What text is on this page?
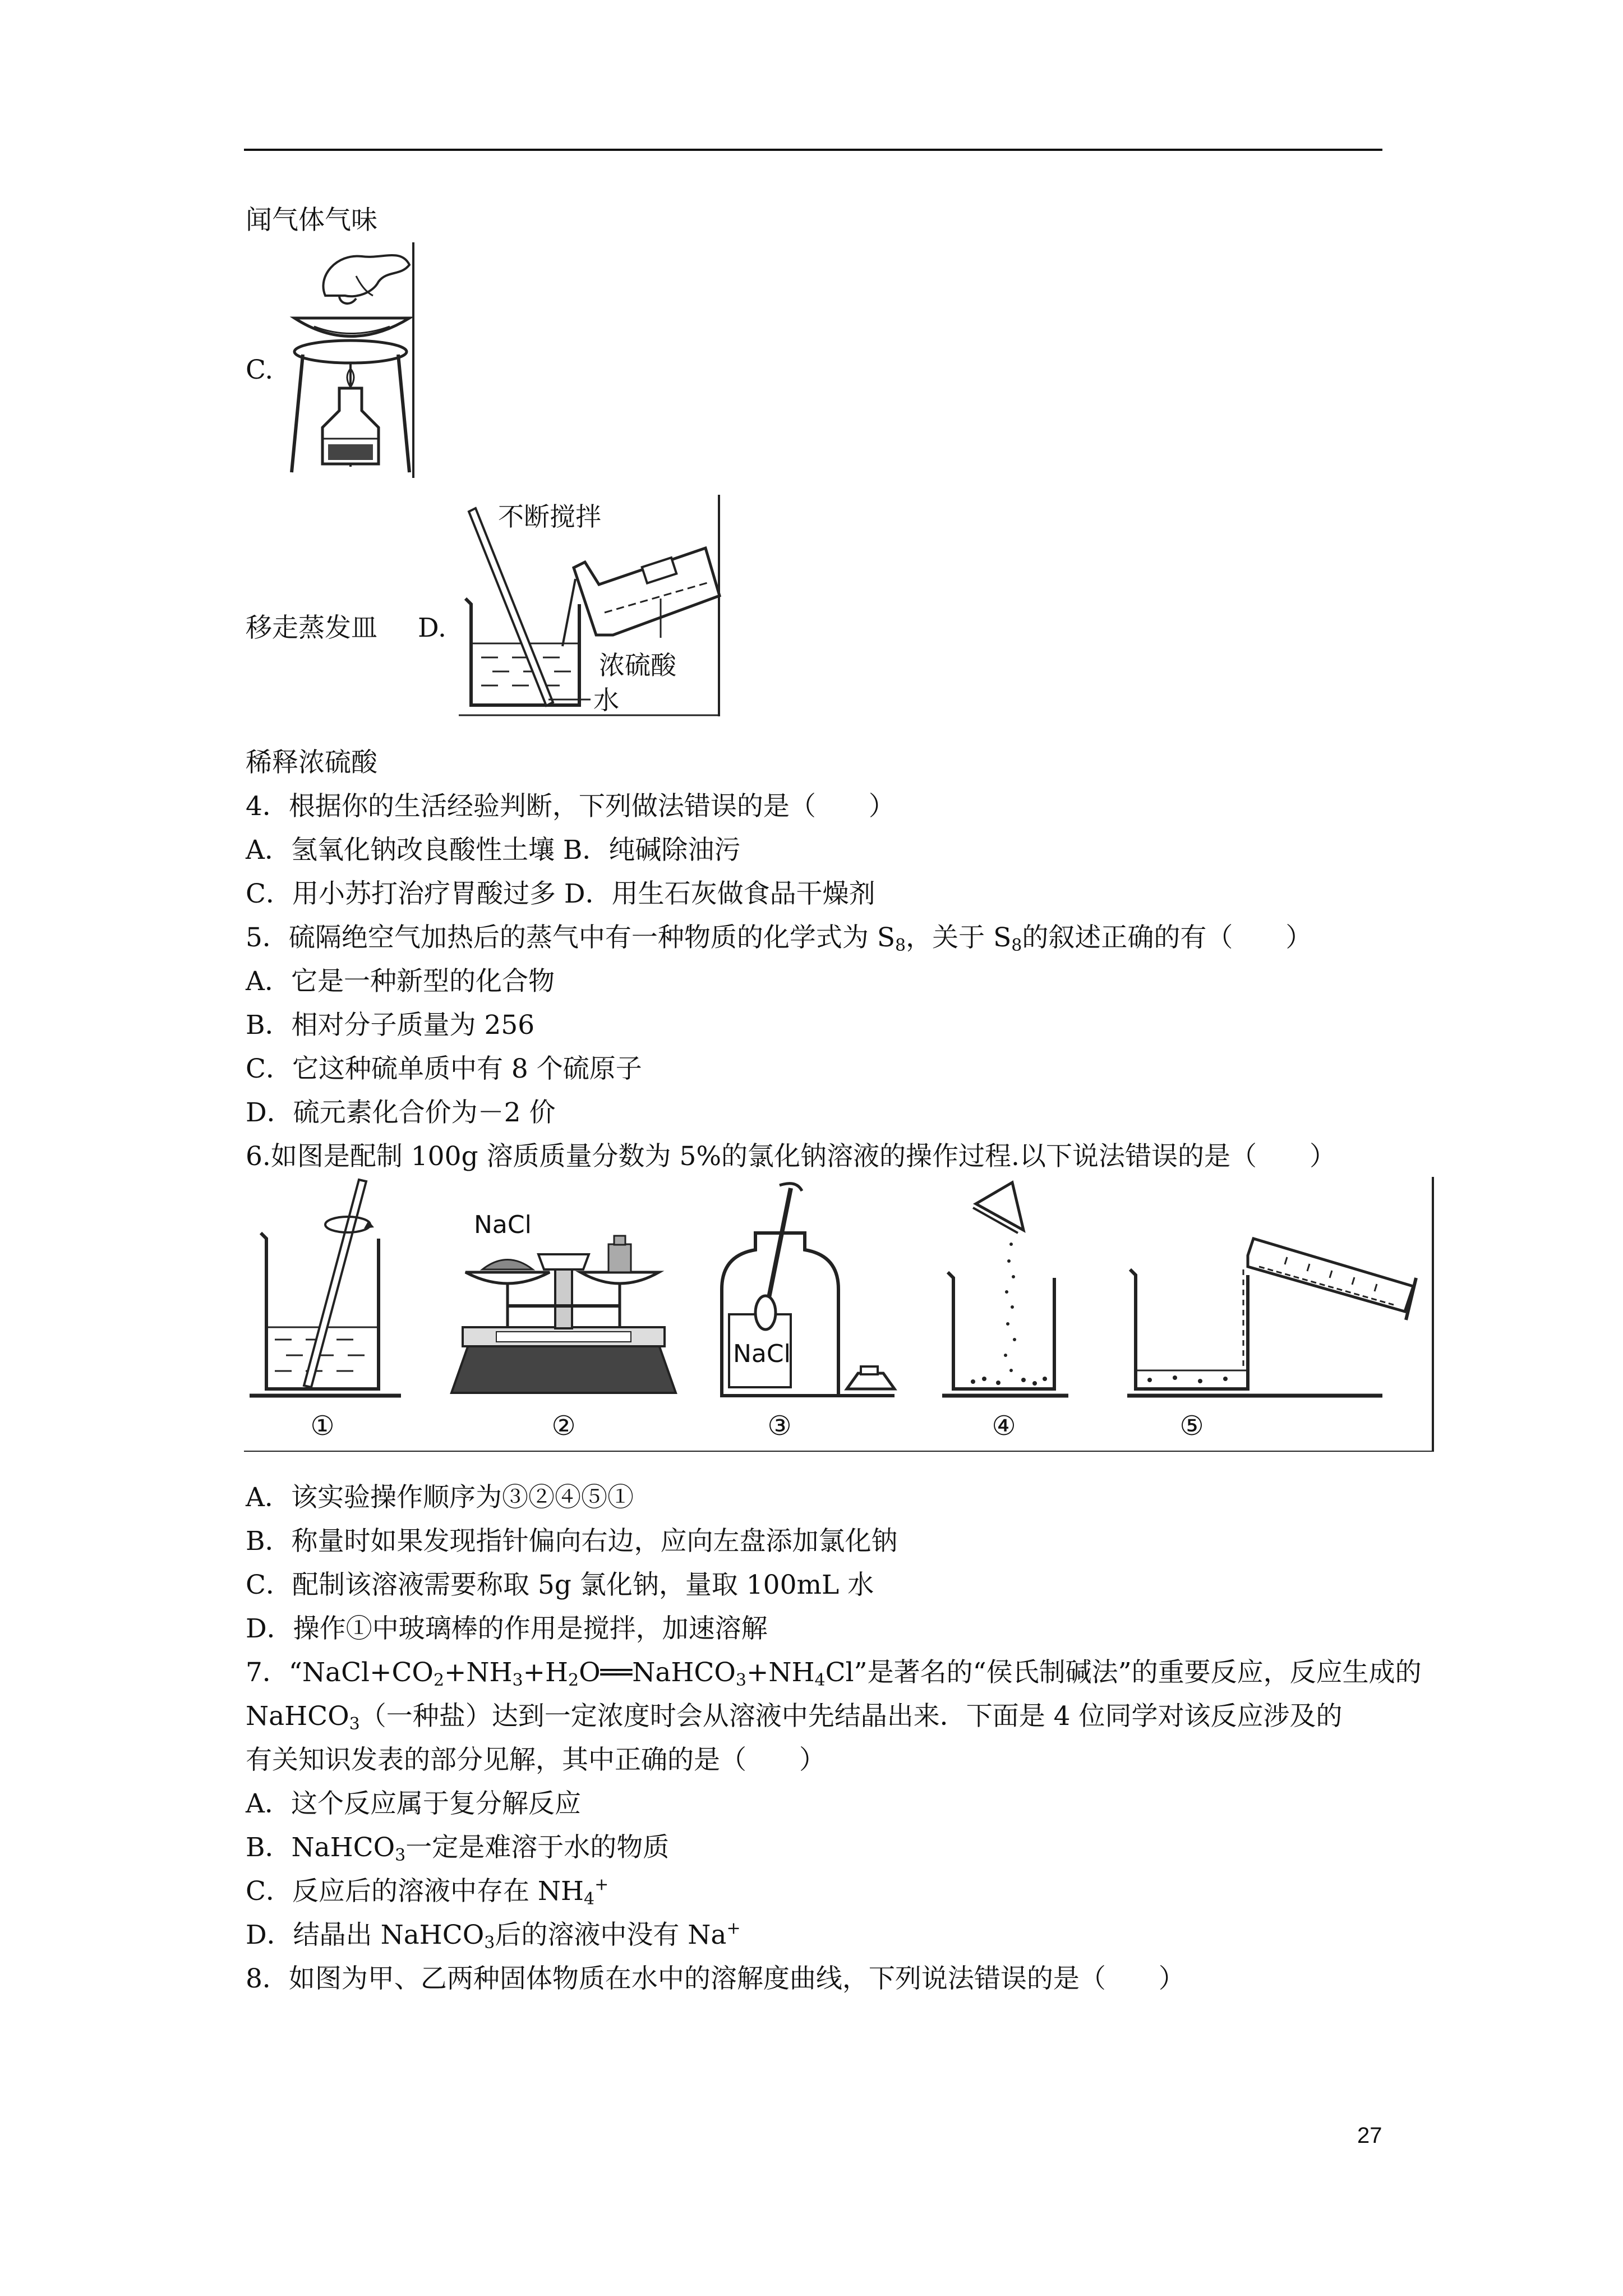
闻气体气味

C.

移走蒸发皿 D.

不断搅拌
浓硫酸
水

稀释浓硫酸

4．根据你的生活经验判断，下列做法错误的是（　　）

A．氢氧化钠改良酸性土壤 B．纯碱除油污

C．用小苏打治疗胃酸过多 D．用生石灰做食品干燥剂

5．硫隔绝空气加热后的蒸气中有一种物质的化学式为 $S_8$，关于 $S_8$的叙述正确的有（　　）

A．它是一种新型的化合物

B．相对分子质量为 256

C．它这种硫单质中有 8 个硫原子

D．硫元素化合价为－2 价

6.如图是配制 100g 溶质质量分数为 5%的氯化钠溶液的操作过程.以下说法错误的是（　　）

NaCl
NaCl
①	②	③	④	⑤

A．该实验操作顺序为③②④⑤①

B．称量时如果发现指针偏向右边，应向左盘添加氯化钠

C．配制该溶液需要称取 5g 氯化钠，量取 100mL 水

D．操作①中玻璃棒的作用是搅拌，加速溶解

7．“$NaCl+CO_2+NH_3+H_2O══NaHCO_3+NH_4Cl$”是著名的“侯氏制碱法”的重要反应，反应生成的

NaHCO$_3$（一种盐）达到一定浓度时会从溶液中先结晶出来．下面是 4 位同学对该反应涉及的

有关知识发表的部分见解，其中正确的是（　　）

A．这个反应属于复分解反应

B．NaHCO$_3$一定是难溶于水的物质

C．反应后的溶液中存在 $NH_4^+$

D．结晶出 NaHCO$_3$后的溶液中没有 Na+

8．如图为甲、乙两种固体物质在水中的溶解度曲线，下列说法错误的是（　　）

27
